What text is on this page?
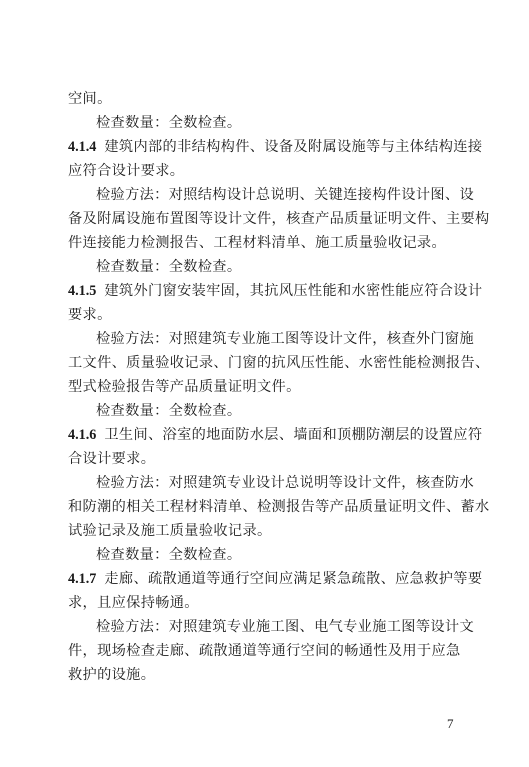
空间。
检查数量：全数检查。
4.1.4 建筑内部的非结构构件、设备及附属设施等与主体结构连接
应符合设计要求。
检验方法：对照结构设计总说明、关键连接构件设计图、设
备及附属设施布置图等设计文件，核查产品质量证明文件、主要构
件连接能力检测报告、工程材料清单、施工质量验收记录。
检查数量：全数检查。
4.1.5 建筑外门窗安装牢固，其抗风压性能和水密性能应符合设计
要求。
检验方法：对照建筑专业施工图等设计文件，核查外门窗施
工文件、质量验收记录、门窗的抗风压性能、水密性能检测报告、
型式检验报告等产品质量证明文件。
检查数量：全数检查。
4.1.6 卫生间、浴室的地面防水层、墙面和顶棚防潮层的设置应符
合设计要求。
检验方法：对照建筑专业设计总说明等设计文件，核查防水
和防潮的相关工程材料清单、检测报告等产品质量证明文件、蓄水
试验记录及施工质量验收记录。
检查数量：全数检查。
4.1.7 走廊、疏散通道等通行空间应满足紧急疏散、应急救护等要
求，且应保持畅通。
检验方法：对照建筑专业施工图、电气专业施工图等设计文
件，现场检查走廊、疏散通道等通行空间的畅通性及用于应急
救护的设施。
7
